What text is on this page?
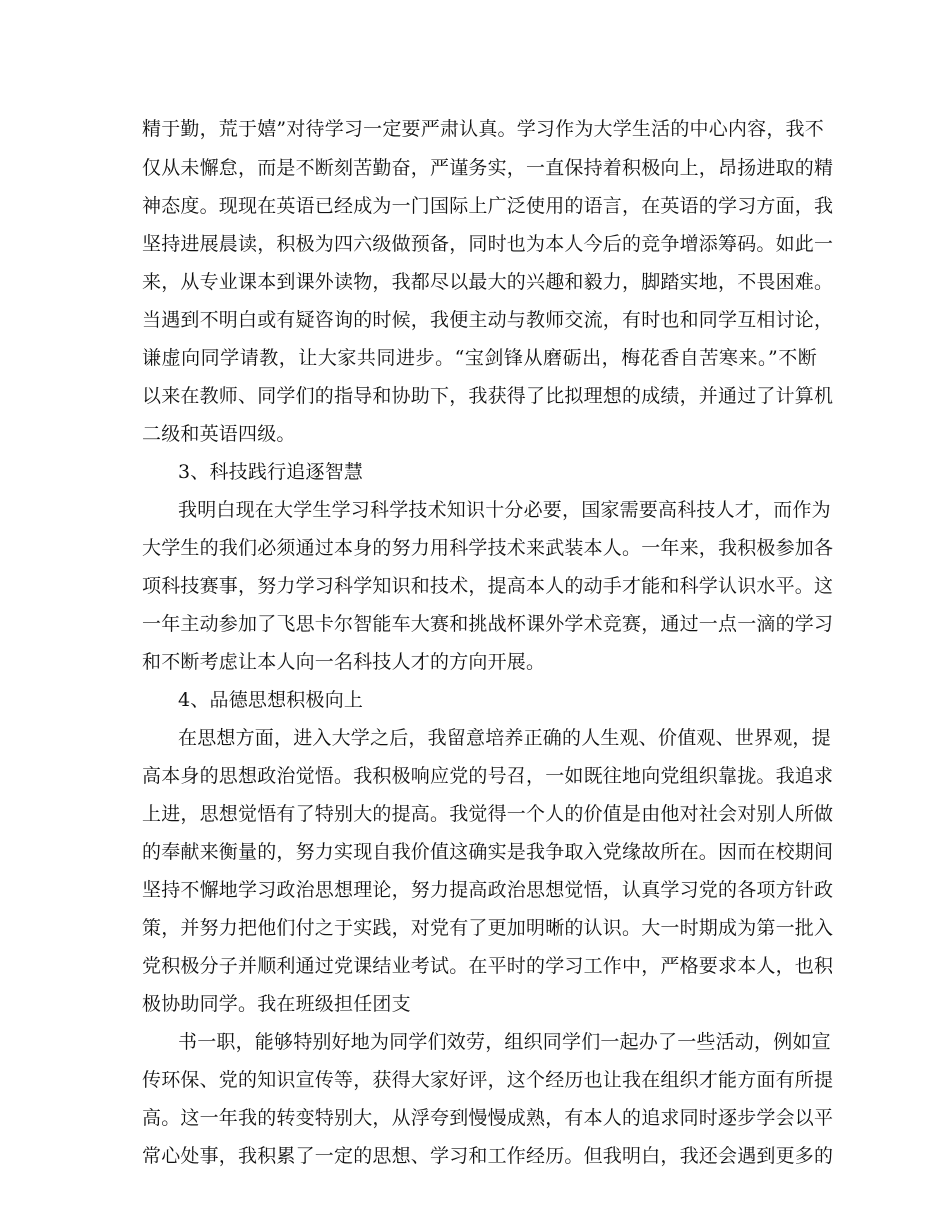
精于勤，荒于嬉”对待学习一定要严肃认真。学习作为大学生活的中心内容，我不
仅从未懈怠，而是不断刻苦勤奋，严谨务实，一直保持着积极向上，昂扬进取的精
神态度。现现在英语已经成为一门国际上广泛使用的语言，在英语的学习方面，我
坚持进展晨读，积极为四六级做预备，同时也为本人今后的竞争增添筹码。如此一
来，从专业课本到课外读物，我都尽以最大的兴趣和毅力，脚踏实地，不畏困难。
当遇到不明白或有疑咨询的时候，我便主动与教师交流，有时也和同学互相讨论，
谦虚向同学请教，让大家共同进步。“宝剑锋从磨砺出，梅花香自苦寒来。”不断
以来在教师、同学们的指导和协助下，我获得了比拟理想的成绩，并通过了计算机
二级和英语四级。
3、科技践行追逐智慧
我明白现在大学生学习科学技术知识十分必要，国家需要高科技人才，而作为
大学生的我们必须通过本身的努力用科学技术来武装本人。一年来，我积极参加各
项科技赛事，努力学习科学知识和技术，提高本人的动手才能和科学认识水平。这
一年主动参加了飞思卡尔智能车大赛和挑战杯课外学术竞赛，通过一点一滴的学习
和不断考虑让本人向一名科技人才的方向开展。
4、品德思想积极向上
在思想方面，进入大学之后，我留意培养正确的人生观、价值观、世界观，提
高本身的思想政治觉悟。我积极响应党的号召，一如既往地向党组织靠拢。我追求
上进，思想觉悟有了特别大的提高。我觉得一个人的价值是由他对社会对别人所做
的奉献来衡量的，努力实现自我价值这确实是我争取入党缘故所在。因而在校期间
坚持不懈地学习政治思想理论，努力提高政治思想觉悟，认真学习党的各项方针政
策，并努力把他们付之于实践，对党有了更加明晰的认识。大一时期成为第一批入
党积极分子并顺利通过党课结业考试。在平时的学习工作中，严格要求本人，也积
极协助同学。我在班级担任团支
书一职，能够特别好地为同学们效劳，组织同学们一起办了一些活动，例如宣
传环保、党的知识宣传等，获得大家好评，这个经历也让我在组织才能方面有所提
高。这一年我的转变特别大，从浮夸到慢慢成熟，有本人的追求同时逐步学会以平
常心处事，我积累了一定的思想、学习和工作经历。但我明白，我还会遇到更多的
